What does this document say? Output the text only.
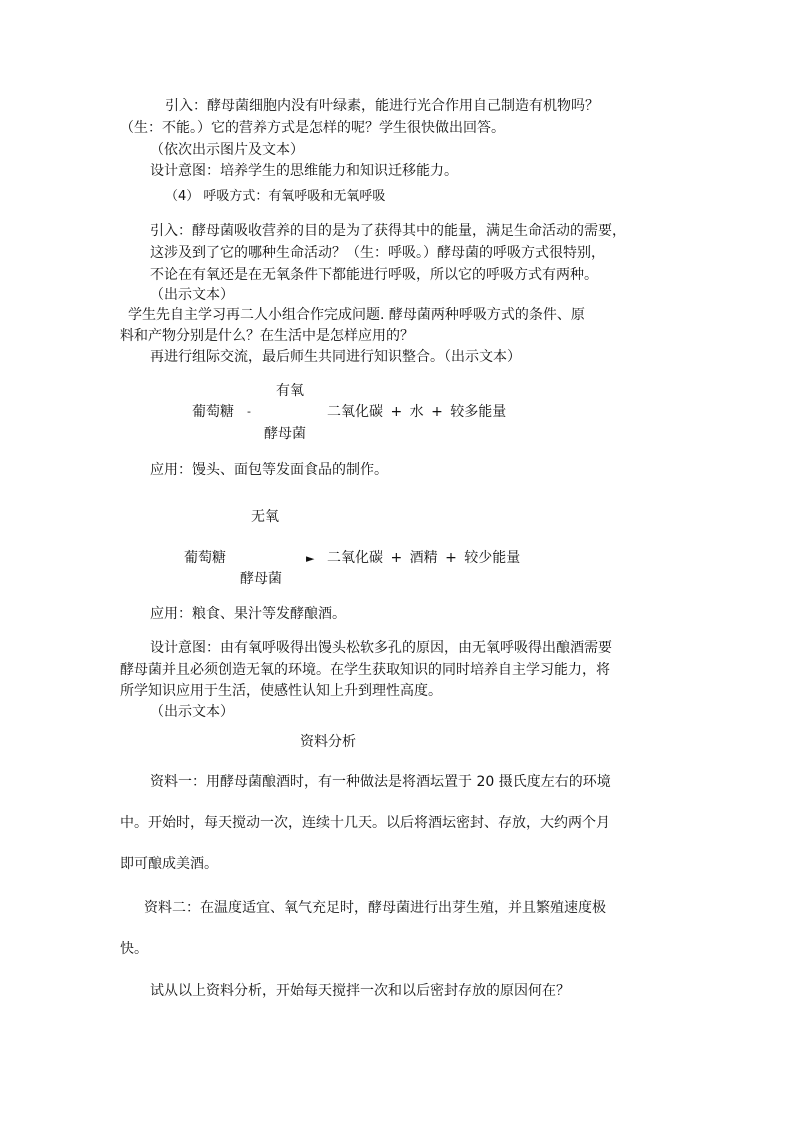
引入：酵母菌细胞内没有叶绿素，能进行光合作用自己制造有机物吗？
（生：不能。）它的营养方式是怎样的呢？学生很快做出回答。
（依次出示图片及文本）
设计意图：培养学生的思维能力和知识迁移能力。
（4） 呼吸方式：有氧呼吸和无氧呼吸
引入：酵母菌吸收营养的目的是为了获得其中的能量，满足生命活动的需要，
这涉及到了它的哪种生命活动？（生：呼吸。）酵母菌的呼吸方式很特别，
不论在有氧还是在无氧条件下都能进行呼吸，所以它的呼吸方式有两种。
（出示文本）
学生先自主学习再二人小组合作完成问题. 酵母菌两种呼吸方式的条件、原
料和产物分别是什么？在生活中是怎样应用的？
再进行组际交流，最后师生共同进行知识整合。（出示文本）
有氧
葡萄糖 -	二氧化碳 + 水 + 较多能量
酵母菌
应用：馒头、面包等发面食品的制作。
无氧
葡萄糖	► 二氧化碳 + 酒精 + 较少能量
酵母菌
应用：粮食、果汁等发酵酿酒。
设计意图：由有氧呼吸得出馒头松软多孔的原因，由无氧呼吸得出酿酒需要
酵母菌并且必须创造无氧的环境。在学生获取知识的同时培养自主学习能力，将
所学知识应用于生活，使感性认知上升到理性高度。
（出示文本）
资料分析
资料一：用酵母菌酿酒时，有一种做法是将酒坛置于 20 摄氏度左右的环境
中。开始时，每天搅动一次，连续十几天。以后将酒坛密封、存放，大约两个月
即可酿成美酒。
资料二：在温度适宜、氧气充足时，酵母菌进行出芽生殖，并且繁殖速度极
快。
试从以上资料分析，开始每天搅拌一次和以后密封存放的原因何在？
